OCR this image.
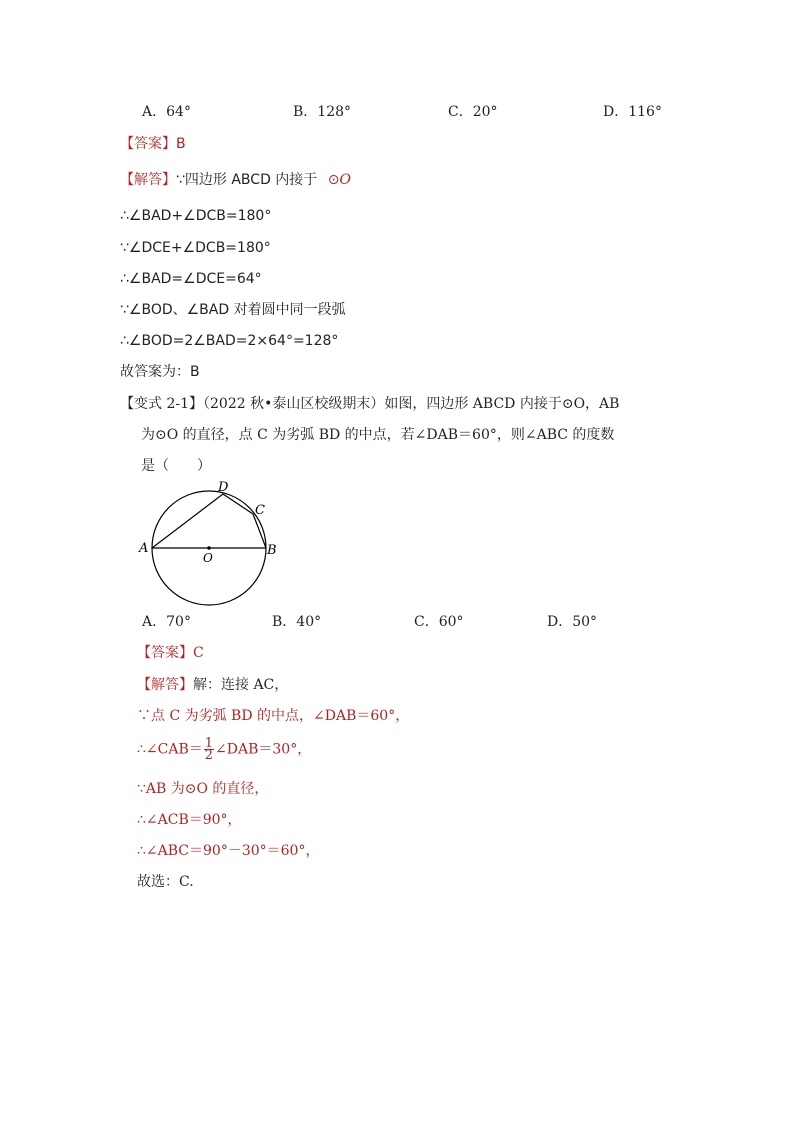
A．64°	B．128°	C．20°	D．116°
【答案】B
【解答】∵四边形 ABCD 内接于 ⊙O
∴∠BAD+∠DCB=180°
∵∠DCE+∠DCB=180°
∴∠BAD=∠DCE=64°
∵∠BOD、∠BAD 对着圆中同一段弧
∴∠BOD=2∠BAD=2×64°=128°
故答案为：B
【变式 2-1】（2022 秋•泰山区校级期末）如图，四边形 ABCD 内接于⊙O，AB
为⊙O 的直径，点 C 为劣弧 BD 的中点，若∠DAB＝60°，则∠ABC 的度数
是（　　）
A	B
C
D
O
A．70°	B．40°	C．60°	D．50°
【答案】C
【解答】解：连接 AC，
∵点 C 为劣弧 BD 的中点，∠DAB＝60°，
∴∠CAB＝ $\frac{1}{2}$ ∠DAB＝30°，
∵AB 为⊙O 的直径，
∴∠ACB＝90°，
∴∠ABC＝90°－30°＝60°，
故选：C.
